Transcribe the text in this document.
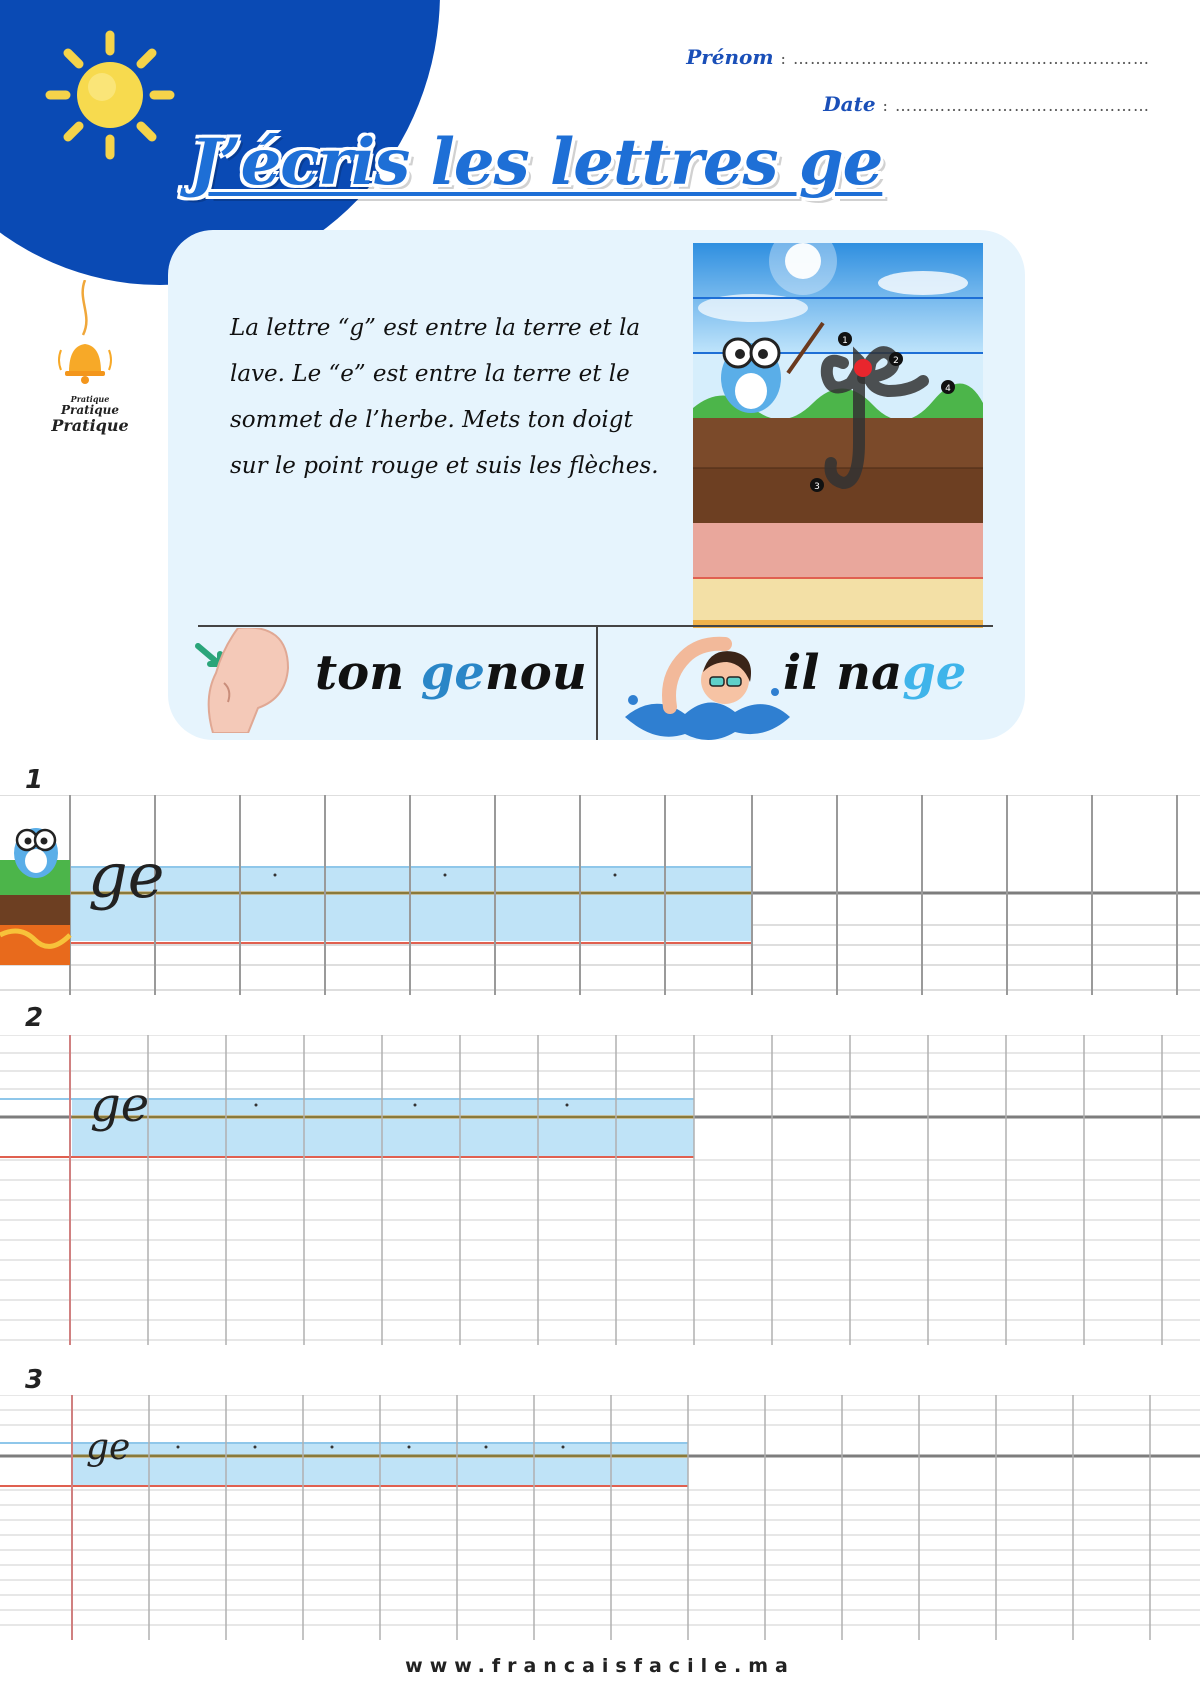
Pratique
Pratique
Pratique
Prénom : ………………………………………………………
Date : ………………………………………
J’écris les lettres ge
La lettre “g” est entre la terre et la lave. Le “e” est entre la terre et le sommet de l’herbe. Mets ton doigt sur le point rouge et suis les flèches.
1
2
3
4
ton genou	il nage
1
ge
2
ge
3
ge
www.francaisfacile.ma
